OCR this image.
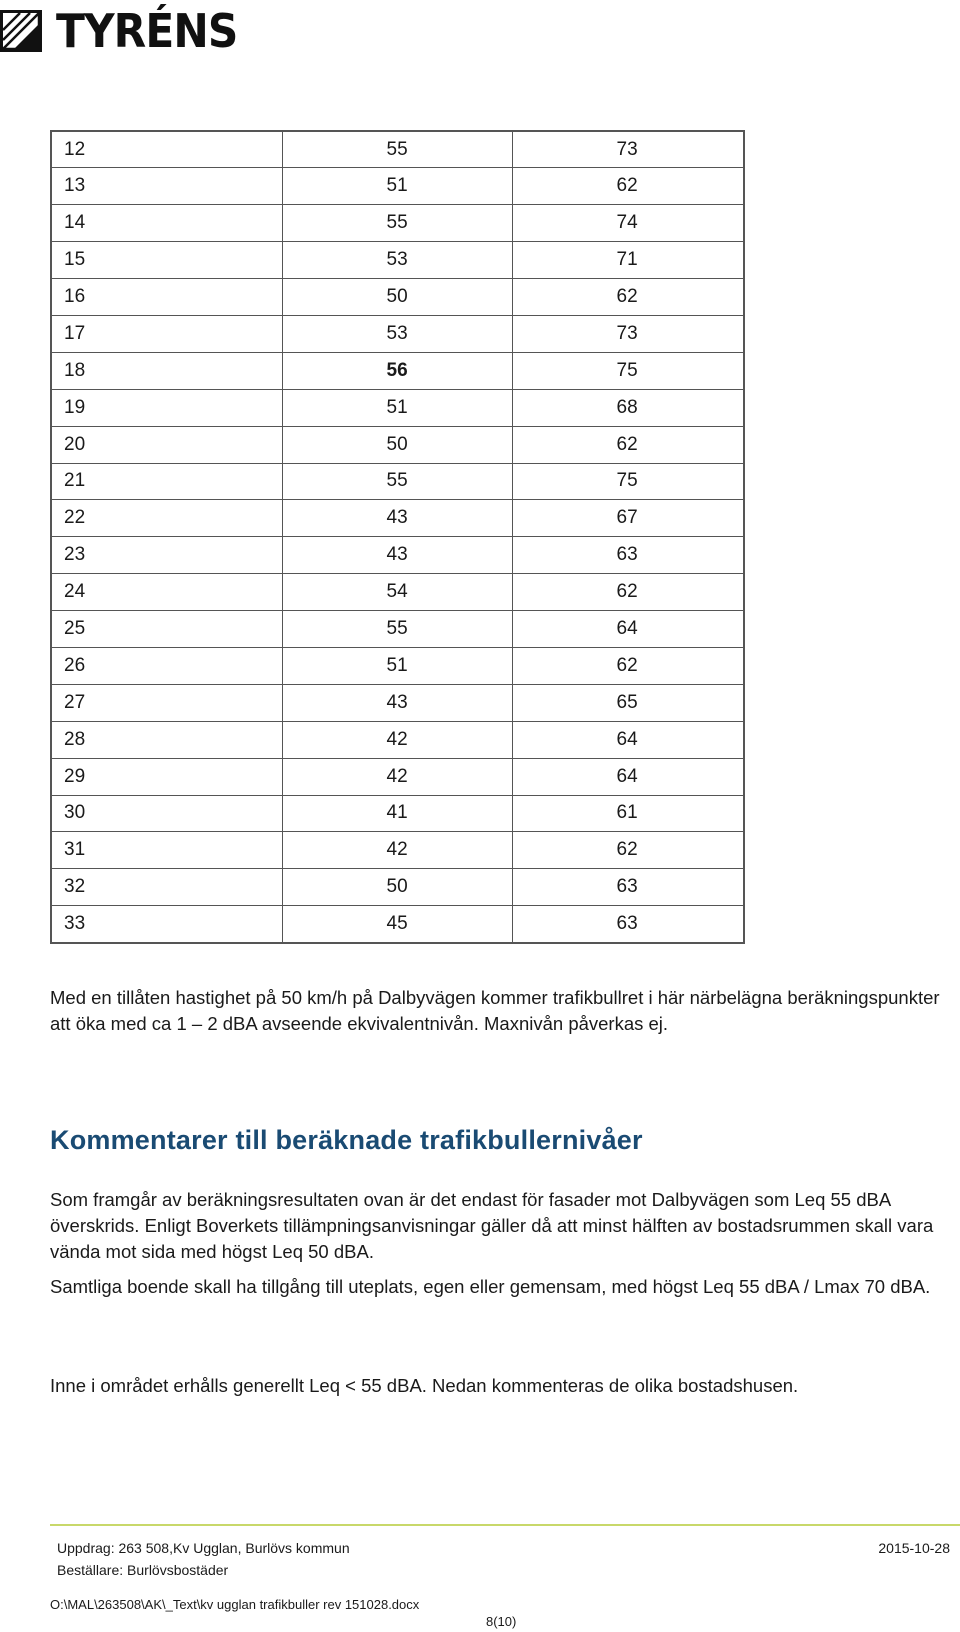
TYRÉNS
12	55	73
13	51	62
14	55	74
15	53	71
16	50	62
17	53	73
18	56	75
19	51	68
20	50	62
21	55	75
22	43	67
23	43	63
24	54	62
25	55	64
26	51	62
27	43	65
28	42	64
29	42	64
30	41	61
31	42	62
32	50	63
33	45	63

Med en tillåten hastighet på 50 km/h på Dalbyvägen kommer trafikbullret i här närbelägna beräkningspunkter att öka med ca 1 – 2 dBA avseende ekvivalentnivån. Maxnivån påverkas ej.

Kommentarer till beräknade trafikbullernivåer

Som framgår av beräkningsresultaten ovan är det endast för fasader mot Dalbyvägen som Leq 55 dBA överskrids. Enligt Boverkets tillämpningsanvisningar gäller då att minst hälften av bostadsrummen skall vara vända mot sida med högst Leq 50 dBA.

Samtliga boende skall ha tillgång till uteplats, egen eller gemensam, med högst Leq 55 dBA / Lmax 70 dBA.

Inne i området erhålls generellt Leq < 55 dBA. Nedan kommenteras de olika bostadshusen.

Uppdrag: 263 508,Kv Ugglan, Burlövs kommun

Beställare: Burlövsbostäder

2015-10-28

O:\MAL\263508\AK\_Text\kv ugglan trafikbuller rev 151028.docx

8(10)
